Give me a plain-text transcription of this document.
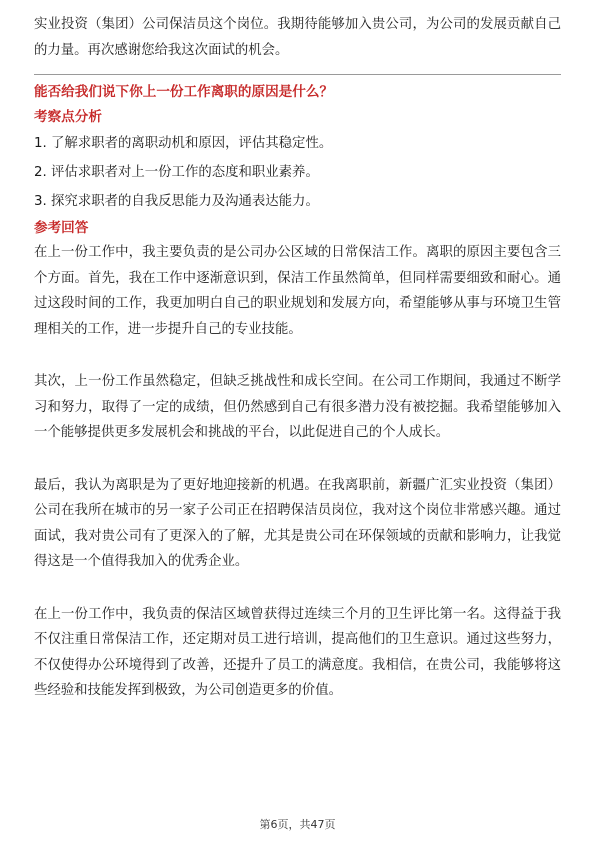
实业投资（集团）公司保洁员这个岗位。我期待能够加入贵公司，为公司的发展贡献自己的力量。再次感谢您给我这次面试的机会。

能否给我们说下你上一份工作离职的原因是什么？
考察点分析

1. 了解求职者的离职动机和原因，评估其稳定性。

2. 评估求职者对上一份工作的态度和职业素养。

3. 探究求职者的自我反思能力及沟通表达能力。

参考回答

在上一份工作中，我主要负责的是公司办公区域的日常保洁工作。离职的原因主要包含三个方面。首先，我在工作中逐渐意识到，保洁工作虽然简单，但同样需要细致和耐心。通过这段时间的工作，我更加明白自己的职业规划和发展方向，希望能够从事与环境卫生管理相关的工作，进一步提升自己的专业技能。

其次，上一份工作虽然稳定，但缺乏挑战性和成长空间。在公司工作期间，我通过不断学习和努力，取得了一定的成绩，但仍然感到自己有很多潜力没有被挖掘。我希望能够加入一个能够提供更多发展机会和挑战的平台，以此促进自己的个人成长。

最后，我认为离职是为了更好地迎接新的机遇。在我离职前，新疆广汇实业投资（集团）公司在我所在城市的另一家子公司正在招聘保洁员岗位，我对这个岗位非常感兴趣。通过面试，我对贵公司有了更深入的了解，尤其是贵公司在环保领域的贡献和影响力，让我觉得这是一个值得我加入的优秀企业。

在上一份工作中，我负责的保洁区域曾获得过连续三个月的卫生评比第一名。这得益于我不仅注重日常保洁工作，还定期对员工进行培训，提高他们的卫生意识。通过这些努力，不仅使得办公环境得到了改善，还提升了员工的满意度。我相信，在贵公司，我能够将这些经验和技能发挥到极致，为公司创造更多的价值。

第6页，共47页
